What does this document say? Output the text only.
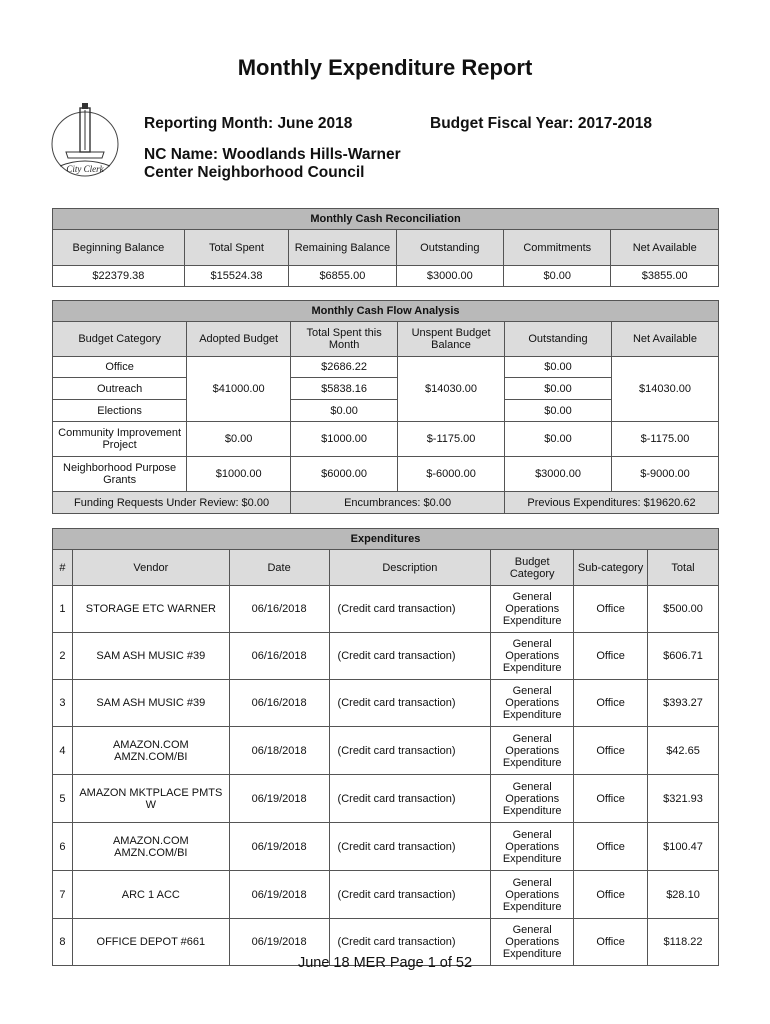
Monthly Expenditure Report
City Clerk
Reporting Month: June 2018	Budget Fiscal Year: 2017-2018
NC Name: Woodlands Hills-Warner
Center Neighborhood Council
Monthly Cash Reconciliation					
Beginning Balance	Total Spent	Remaining Balance	Outstanding	Commitments	Net Available
$22379.38	$15524.38	$6855.00	$3000.00	$0.00	$3855.00
Monthly Cash Flow Analysis					
Budget Category	Adopted Budget	Total Spent this Month	Unspent Budget Balance	Outstanding	Net Available
Office	$41000.00	$2686.22	$14030.00	$0.00	$14030.00
Outreach		$5838.16		$0.00	
Elections		$0.00		$0.00	
Community Improvement Project	$0.00	$1000.00	$-1175.00	$0.00	$-1175.00
Neighborhood Purpose Grants	$1000.00	$6000.00	$-6000.00	$3000.00	$-9000.00
Funding Requests Under Review: $0.00		Encumbrances: $0.00		Previous Expenditures: $19620.62	
Expenditures						
#	Vendor	Date	Description	Budget Category	Sub-category	Total
1	STORAGE ETC WARNER	06/16/2018	(Credit card transaction)	General Operations Expenditure	Office	$500.00
2	SAM ASH MUSIC #39	06/16/2018	(Credit card transaction)	General Operations Expenditure	Office	$606.71
3	SAM ASH MUSIC #39	06/16/2018	(Credit card transaction)	General Operations Expenditure	Office	$393.27
4	AMAZON.COM AMZN.COM/BI	06/18/2018	(Credit card transaction)	General Operations Expenditure	Office	$42.65
5	AMAZON MKTPLACE PMTS W	06/19/2018	(Credit card transaction)	General Operations Expenditure	Office	$321.93
6	AMAZON.COM AMZN.COM/BI	06/19/2018	(Credit card transaction)	General Operations Expenditure	Office	$100.47
7	ARC 1 ACC	06/19/2018	(Credit card transaction)	General Operations Expenditure	Office	$28.10
8	OFFICE DEPOT #661	06/19/2018	(Credit card transaction)	General Operations Expenditure	Office	$118.22
June 18 MER Page 1 of 52
